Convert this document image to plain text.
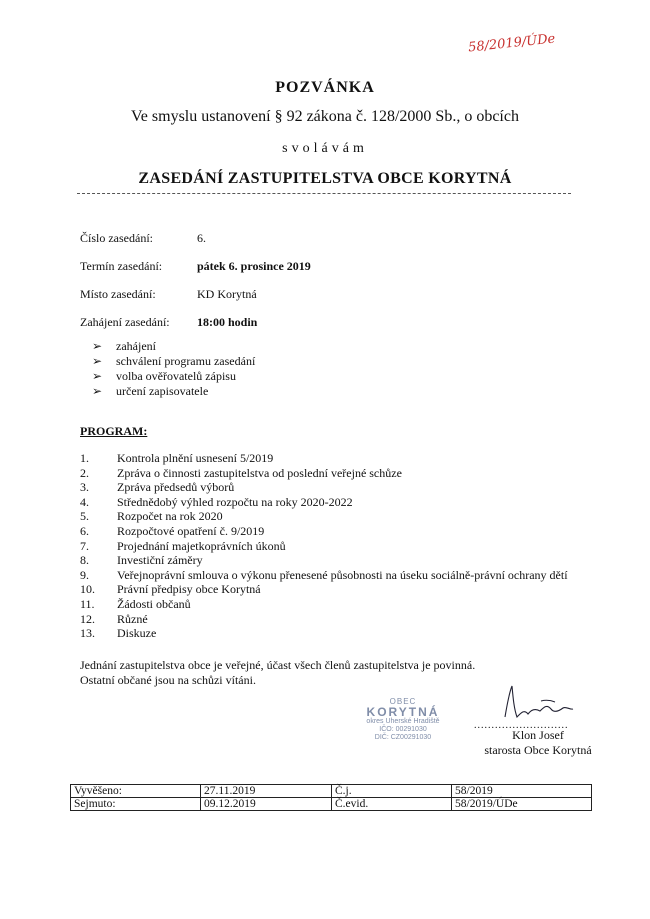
58/2019/ÚDe
POZVÁNKA
Ve smyslu ustanovení § 92 zákona č. 128/2000 Sb., o obcích
svolávám
ZASEDÁNÍ ZASTUPITELSTVA OBCE KORYTNÁ
Číslo zasedání:	6.
Termín zasedání:	pátek 6. prosince 2019
Místo zasedání:	KD Korytná
Zahájení zasedání: 18:00 hodin
➢ zahájení
➢ schválení programu zasedání
➢ volba ověřovatelů zápisu
➢ určení zapisovatele
PROGRAM:
1. Kontrola plnění usnesení 5/2019
2. Zpráva o činnosti zastupitelstva od poslední veřejné schůze
3. Zpráva předsedů výborů
4. Střednědobý výhled rozpočtu na roky 2020-2022
5. Rozpočet na rok 2020
6. Rozpočtové opatření č. 9/2019
7. Projednání majetkoprávních úkonů
8. Investiční záměry
9. Veřejnoprávní smlouva o výkonu přenesené působnosti na úseku sociálně-právní ochrany dětí
10. Právní předpisy obce Korytná
11. Žádosti občanů
12. Různé
13. Diskuze
Jednání zastupitelstva obce je veřejné, účast všech členů zastupitelstva je povinná.
Ostatní občané jsou na schůzi vítáni.
OBEC
KORYTNÁ
okres Uherské Hradiště
IČO: 00291030
DIČ: CZ00291030
...........................
Klon Josef
starosta Obce Korytná
Vyvěšeno:	27.11.2019	Č.j.	58/2019
Sejmuto:	09.12.2019	Č.evid.	58/2019/ÚDe
